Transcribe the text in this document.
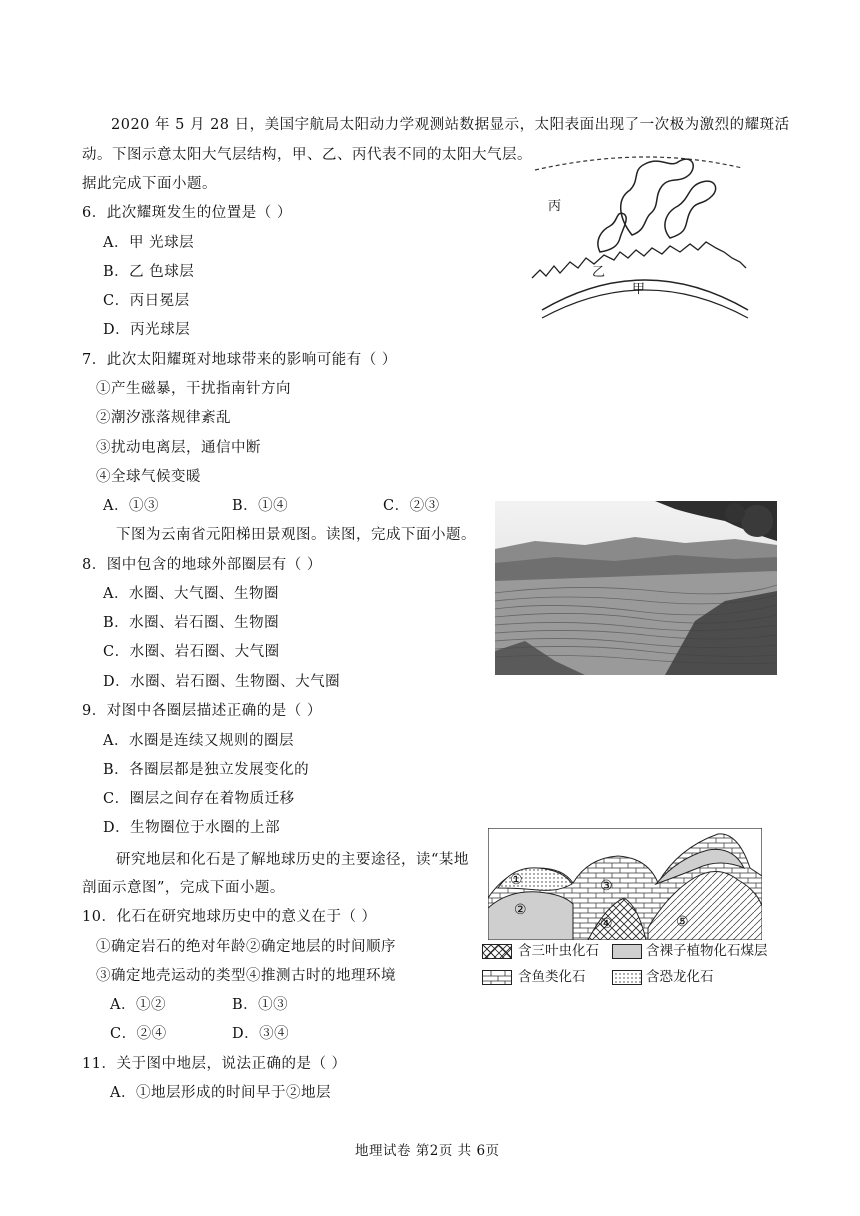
2020 年 5 月 28 日，美国宇航局太阳动力学观测站数据显示，太阳表面出现了一次极为激烈的耀斑活
动。下图示意太阳大气层结构，甲、乙、丙代表不同的太阳大气层。
据此完成下面小题。
6．此次耀斑发生的位置是（ ）
A．甲 光球层
B．乙 色球层
C．丙日冕层
D．丙光球层
丙
乙
甲
7．此次太阳耀斑对地球带来的影响可能有（ ）
①产生磁暴，干扰指南针方向
②潮汐涨落规律紊乱
③扰动电离层，通信中断
④全球气候变暖
A．①③	B．①④	C．②③
下图为云南省元阳梯田景观图。读图，完成下面小题。
8．图中包含的地球外部圈层有（ ）
A．水圈、大气圈、生物圈
B．水圈、岩石圈、生物圈
C．水圈、岩石圈、大气圈
D．水圈、岩石圈、生物圈、大气圈
9．对图中各圈层描述正确的是（ ）
A．水圈是连续又规则的圈层
B．各圈层都是独立发展变化的
C．圈层之间存在着物质迁移
D．生物圈位于水圈的上部
研究地层和化石是了解地球历史的主要途径，读“某地
剖面示意图”，完成下面小题。	①
②
③
④	⑤
含三叶虫化石	含裸子植物化石煤层
含鱼类化石	含恐龙化石
10．化石在研究地球历史中的意义在于（ ）
①确定岩石的绝对年龄②确定地层的时间顺序
③确定地壳运动的类型④推测古时的地理环境
A．①②	B．①③
C．②④	D．③④
11．关于图中地层，说法正确的是（ ）
A．①地层形成的时间早于②地层
地理试卷 第2页 共 6页
